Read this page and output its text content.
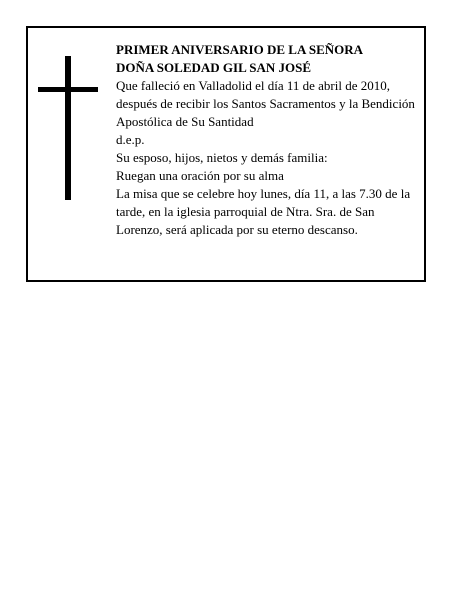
PRIMER ANIVERSARIO DE LA SEÑORA

DOÑA SOLEDAD GIL SAN JOSÉ

Que falleció en Valladolid el día 11 de abril de 2010, después de recibir los Santos Sacramentos y la Bendición Apostólica de Su Santidad

d.e.p.

Su esposo, hijos, nietos y demás familia:

Ruegan una oración por su alma

La misa que se celebre hoy lunes, día 11, a las 7.30 de la tarde, en la iglesia parroquial de Ntra. Sra. de San Lorenzo, será aplicada por su eterno descanso.
